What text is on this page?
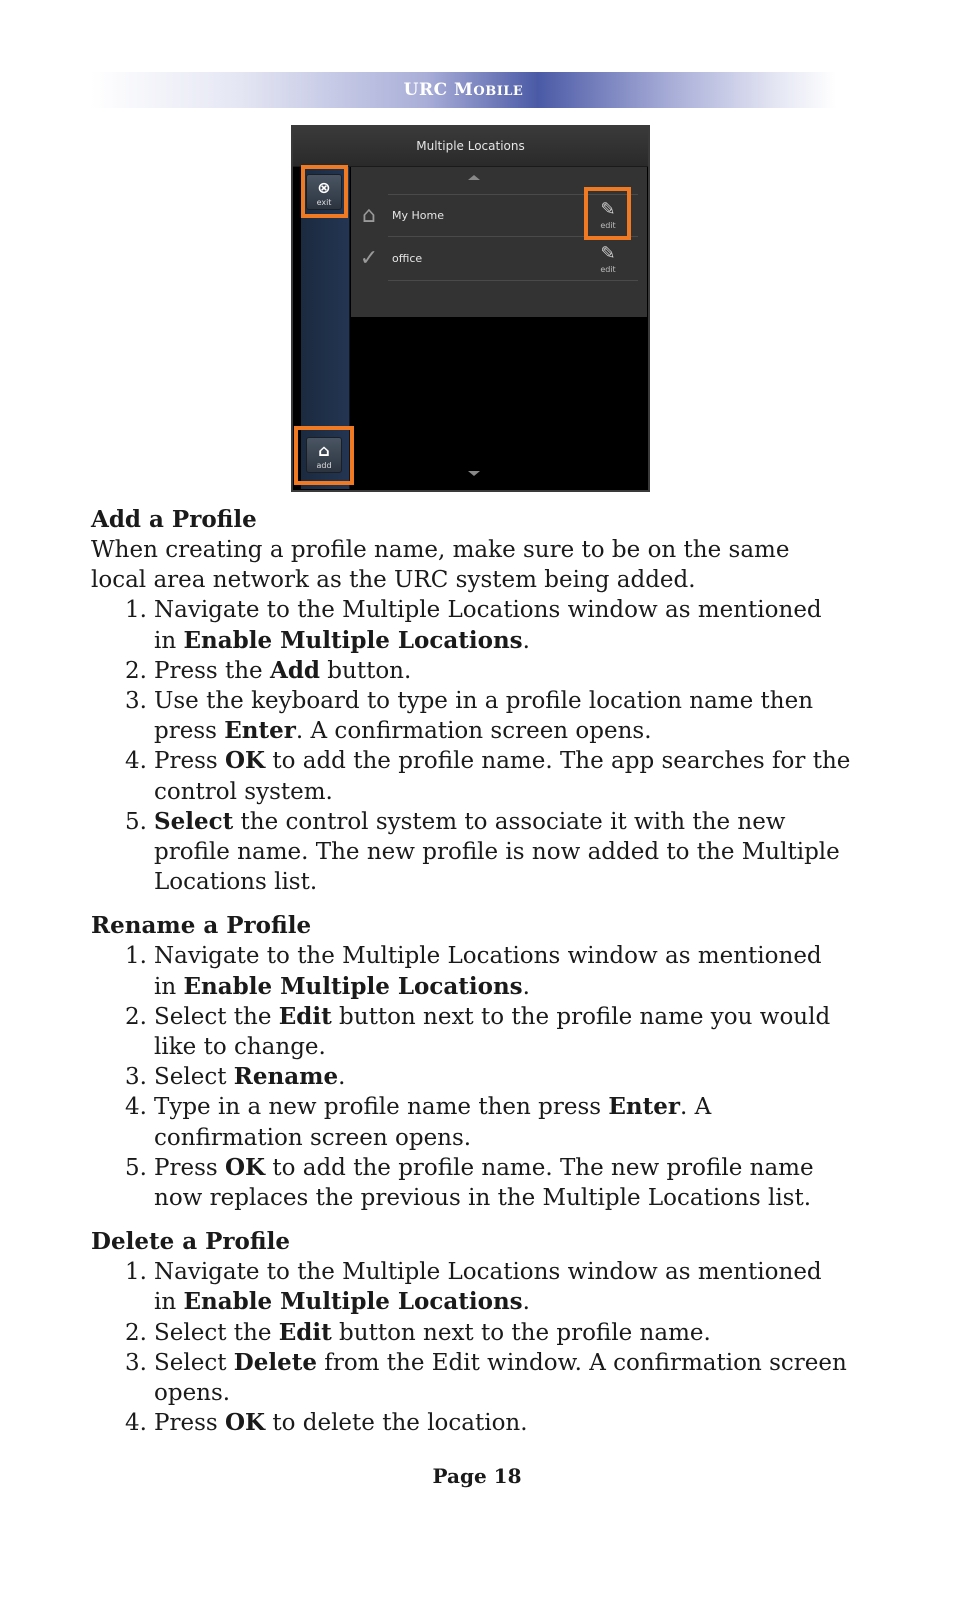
URC MOBILE
Multiple Locations
⊗
exit
⌂
add
⌂	My Home	✎
edit
✓	office	✎
edit
Add a Profile

When creating a profile name, make sure to be on the same local area network as the URC system being added.

1. Navigate to the Multiple Locations window as mentioned in Enable Multiple Locations.
2. Press the Add button.
3. Use the keyboard to type in a profile location name then press Enter. A confirmation screen opens.
4. Press OK to add the profile name. The app searches for the control system.
5. Select the control system to associate it with the new profile name. The new profile is now added to the Multiple Locations list.
Rename a Profile
1. Navigate to the Multiple Locations window as mentioned in Enable Multiple Locations.
2. Select the Edit button next to the profile name you would like to change.
3. Select Rename.
4. Type in a new profile name then press Enter. A confirmation screen opens.
5. Press OK to add the profile name. The new profile name now replaces the previous in the Multiple Locations list.
Delete a Profile
1. Navigate to the Multiple Locations window as mentioned in Enable Multiple Locations.
2. Select the Edit button next to the profile name.
3. Select Delete from the Edit window. A confirmation screen opens.
4. Press OK to delete the location.
Page 18
